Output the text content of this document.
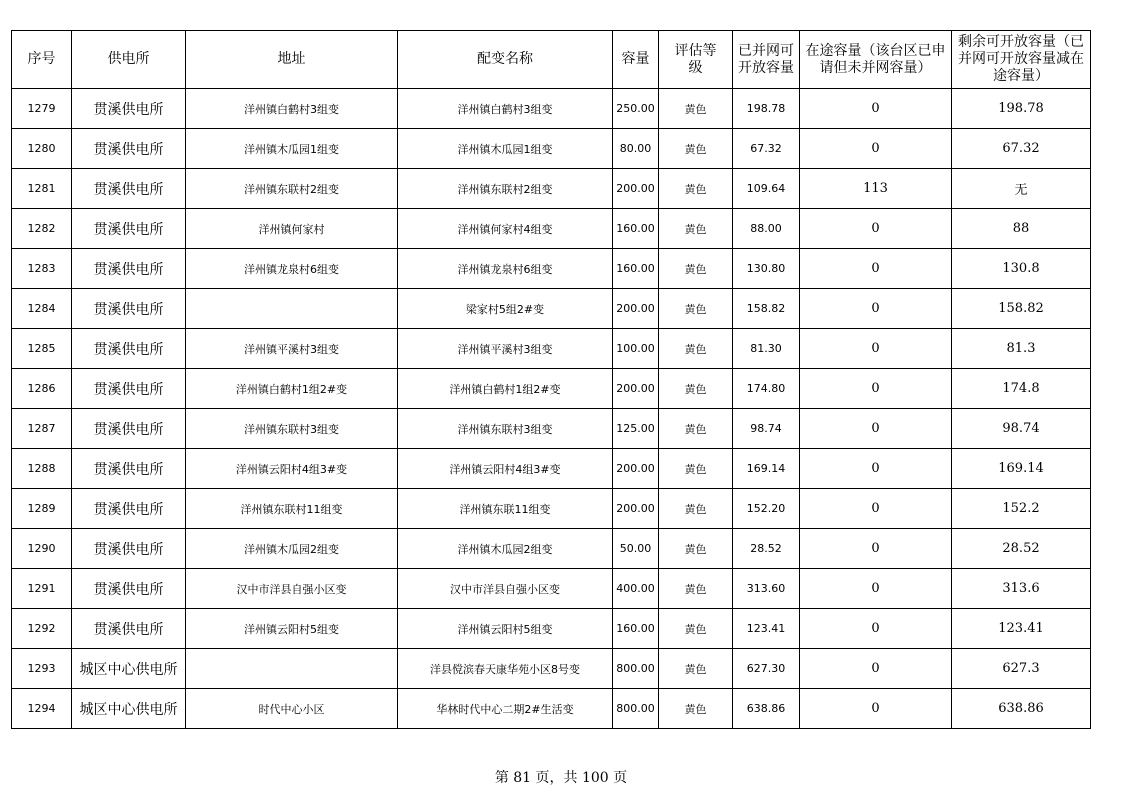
序号	供电所	地址	配变名称	容量	评估等级	已并网可开放容量	在途容量（该台区已申请但未并网容量）	剩余可开放容量（已并网可开放容量减在途容量）
1279	贯溪供电所	洋州镇白鹤村3组变	洋州镇白鹤村3组变	250.00	黄色	198.78	0	198.78
1280	贯溪供电所	洋州镇木瓜园1组变	洋州镇木瓜园1组变	80.00	黄色	67.32	0	67.32
1281	贯溪供电所	洋州镇东联村2组变	洋州镇东联村2组变	200.00	黄色	109.64	113	无
1282	贯溪供电所	洋州镇何家村	洋州镇何家村4组变	160.00	黄色	88.00	0	88
1283	贯溪供电所	洋州镇龙泉村6组变	洋州镇龙泉村6组变	160.00	黄色	130.80	0	130.8
1284	贯溪供电所		梁家村5组2#变	200.00	黄色	158.82	0	158.82
1285	贯溪供电所	洋州镇平溪村3组变	洋州镇平溪村3组变	100.00	黄色	81.30	0	81.3
1286	贯溪供电所	洋州镇白鹤村1组2#变	洋州镇白鹤村1组2#变	200.00	黄色	174.80	0	174.8
1287	贯溪供电所	洋州镇东联村3组变	洋州镇东联村3组变	125.00	黄色	98.74	0	98.74
1288	贯溪供电所	洋州镇云阳村4组3#变	洋州镇云阳村4组3#变	200.00	黄色	169.14	0	169.14
1289	贯溪供电所	洋州镇东联村11组变	洋州镇东联11组变	200.00	黄色	152.20	0	152.2
1290	贯溪供电所	洋州镇木瓜园2组变	洋州镇木瓜园2组变	50.00	黄色	28.52	0	28.52
1291	贯溪供电所	汉中市洋县自强小区变	汉中市洋县自强小区变	400.00	黄色	313.60	0	313.6
1292	贯溪供电所	洋州镇云阳村5组变	洋州镇云阳村5组变	160.00	黄色	123.41	0	123.41
1293	城区中心供电所		洋县傥滨春天康华苑小区8号变	800.00	黄色	627.30	0	627.3
1294	城区中心供电所	时代中心小区	华林时代中心二期2#生活变	800.00	黄色	638.86	0	638.86
第 81 页，共 100 页
